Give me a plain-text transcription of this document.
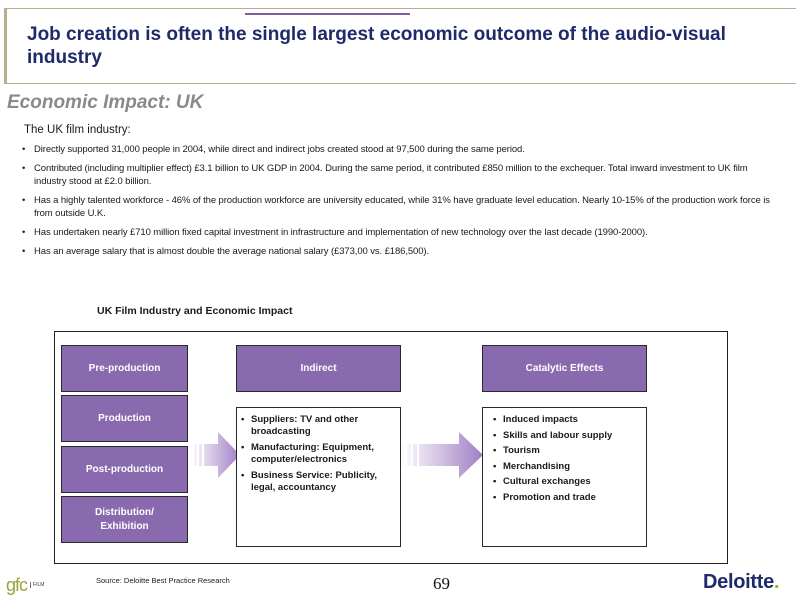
Job creation is often the single largest economic outcome of the audio-visual industry
Economic Impact: UK
The UK film industry:
• Directly supported 31,000 people in 2004, while direct and indirect jobs created stood at 97,500 during the same period.
• Contributed (including multiplier effect) £3.1 billion to UK GDP in 2004. During the same period, it contributed £850 million to the exchequer. Total inward investment to UK film industry stood at £2.0 billion.
• Has a highly talented workforce - 46% of the production workforce are university educated, while 31% have graduate level education. Nearly 10-15% of the production work force is from outside U.K.
• Has undertaken nearly £710 million fixed capital investment in infrastructure and implementation of new technology over the last decade (1990-2000).
• Has an average salary that is almost double the average national salary (£373,00 vs. £186,500).
UK Film Industry and Economic Impact
Pre-production
Production
Post-production
Distribution/ Exhibition
Indirect
• Suppliers: TV and other broadcasting
• Manufacturing: Equipment, computer/electronics
• Business Service: Publicity, legal, accountancy
Catalytic Effects
• Induced impacts
• Skills and labour supply
• Tourism
• Merchandising
• Cultural exchanges
• Promotion and trade
gfc	FILM	Source: Deloitte Best Practice Research	69	Deloitte.
